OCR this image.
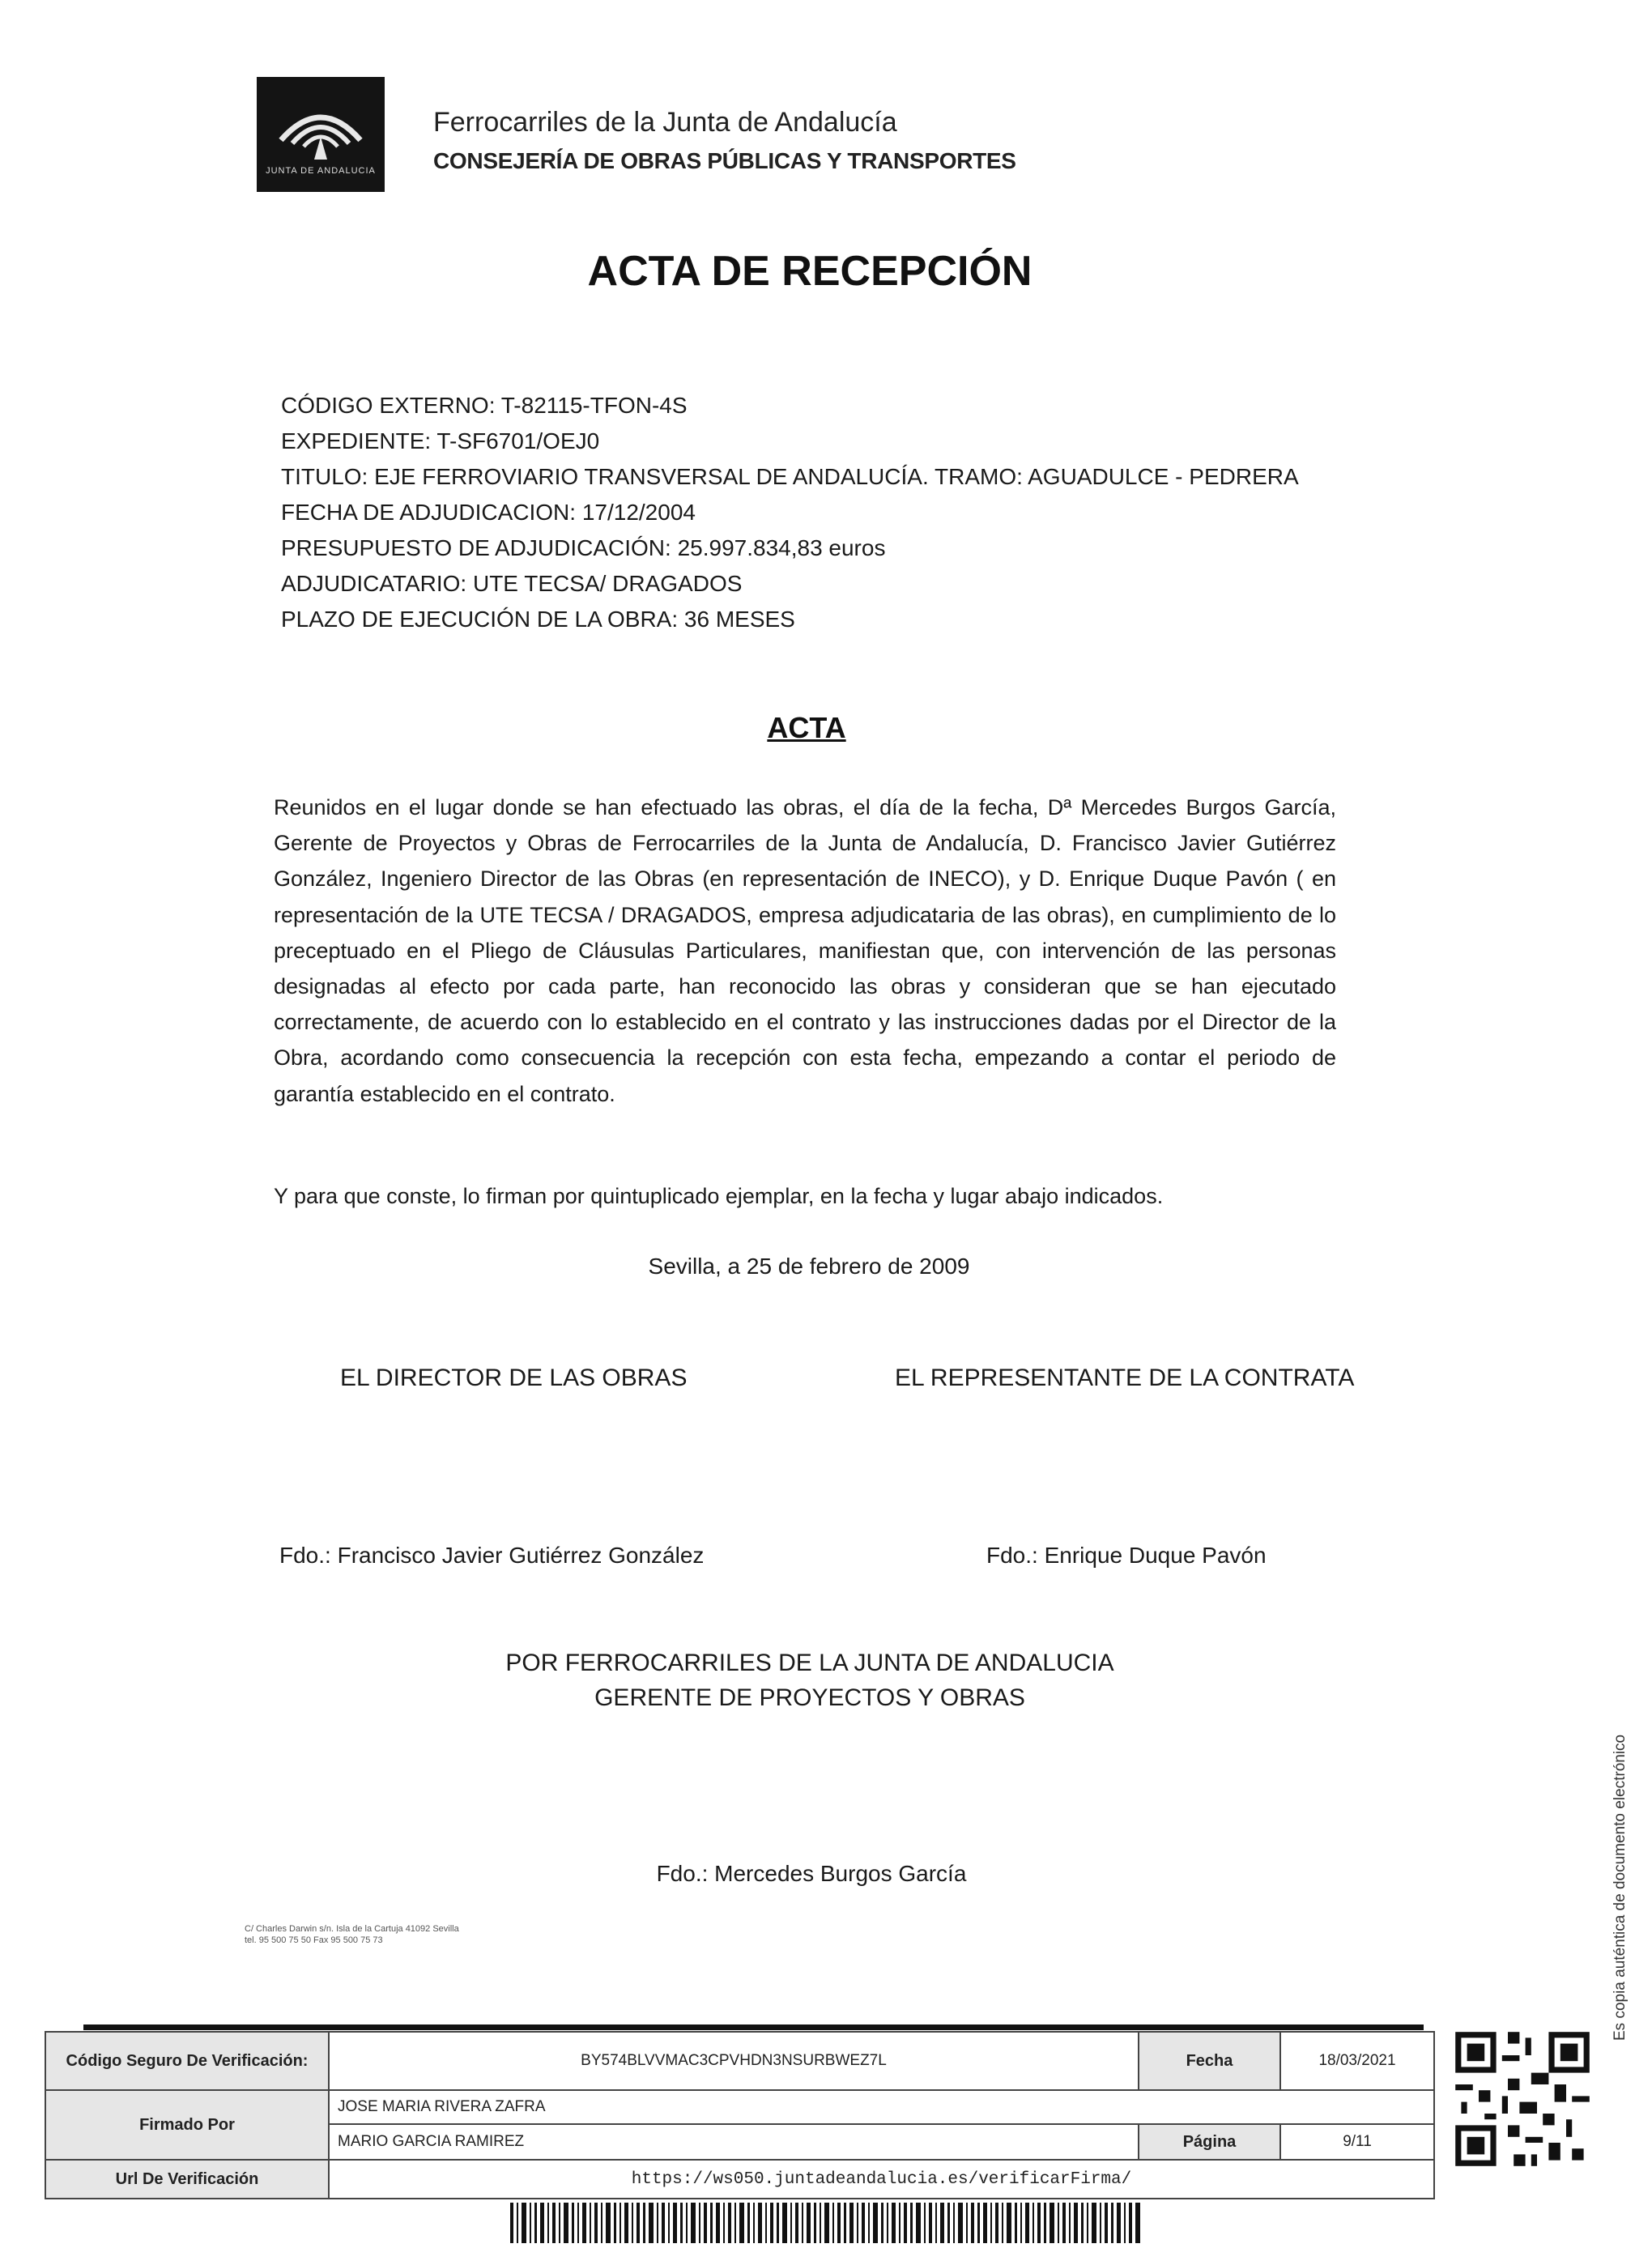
JUNTA DE ANDALUCIA
Ferrocarriles de la Junta de Andalucía
CONSEJERÍA DE OBRAS PÚBLICAS Y TRANSPORTES
ACTA DE RECEPCIÓN
CÓDIGO EXTERNO: T-82115-TFON-4S
EXPEDIENTE: T-SF6701/OEJ0
TITULO: EJE FERROVIARIO TRANSVERSAL DE ANDALUCÍA. TRAMO: AGUADULCE - PEDRERA
FECHA DE ADJUDICACION: 17/12/2004
PRESUPUESTO DE ADJUDICACIÓN: 25.997.834,83 euros
ADJUDICATARIO: UTE TECSA/ DRAGADOS
PLAZO DE EJECUCIÓN DE LA OBRA: 36 MESES
ACTA
Reunidos en el lugar donde se han efectuado las obras, el día de la fecha, Dª Mercedes Burgos García, Gerente de Proyectos y Obras de Ferrocarriles de la Junta de Andalucía, D. Francisco Javier Gutiérrez González, Ingeniero Director de las Obras (en representación de INECO), y D. Enrique Duque Pavón ( en representación de la UTE TECSA / DRAGADOS, empresa adjudicataria de las obras), en cumplimiento de lo preceptuado en el Pliego de Cláusulas Particulares, manifiestan que, con intervención de las personas designadas al efecto por cada parte, han reconocido las obras y consideran que se han ejecutado correctamente, de acuerdo con lo establecido en el contrato y las instrucciones dadas por el Director de la Obra, acordando como consecuencia la recepción con esta fecha, empezando a contar el periodo de garantía establecido en el contrato.
Y para que conste, lo firman por quintuplicado ejemplar, en la fecha y lugar abajo indicados.
Sevilla, a 25 de febrero de 2009
EL DIRECTOR DE LAS OBRAS	EL REPRESENTANTE DE LA CONTRATA
Fdo.: Francisco Javier Gutiérrez González	Fdo.: Enrique Duque Pavón
POR FERROCARRILES DE LA JUNTA DE ANDALUCIA
GERENTE DE PROYECTOS Y OBRAS
Fdo.: Mercedes Burgos García
C/ Charles Darwin s/n. Isla de la Cartuja 41092 Sevilla
tel. 95 500 75 50 Fax 95 500 75 73	Es copia auténtica de documento electrónico
Código Seguro De Verificación:	BY574BLVVMAC3CPVHDN3NSURBWEZ7L	Fecha	18/03/2021
Firmado Por	JOSE MARIA RIVERA ZAFRA		
	MARIO GARCIA RAMIREZ	Página	9/11
Url De Verificación	https://ws050.juntadeandalucia.es/verificarFirma/		
